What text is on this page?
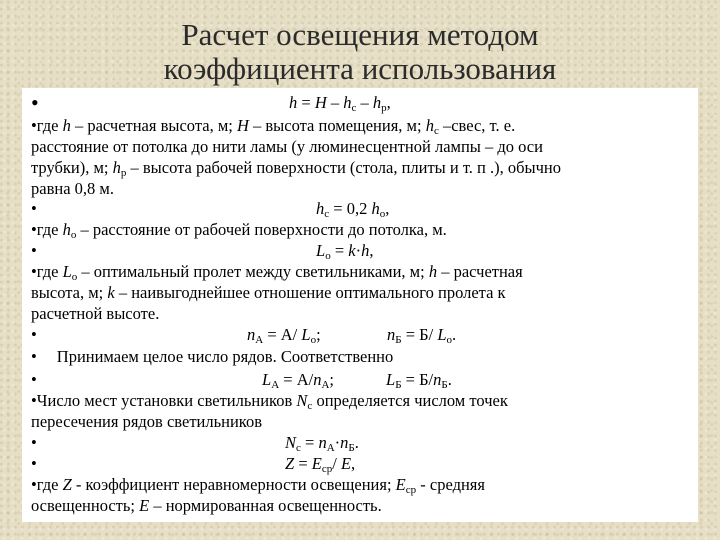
Расчет освещения методом
коэффициента использования
•	$h = H - h_с - h_р$,
•где h – расчетная высота, м; H – высота помещения, м; $h_с$ –свес, т. е.
расстояние от потолка до нити ламы (у люминесцентной лампы – до оси
трубки), м; $h_р$ – высота рабочей поверхности (стола, плиты и т. п .), обычно
равна 0,8 м.
•	$h_с = 0,2$ $h_о$,
•где $h_о$ – расстояние от рабочей поверхности до потолка, м.
•	$L_о = k\cdot h$,
•где $L_о$ – оптимальный пролет между светильниками, м; h – расчетная
высота, м; k – наивыгоднейшее отношение оптимального пролета к
расчетной высоте.
•	$n_А = А/$ $L_о$;	$n_Б = Б/$ $L_о$.
• Принимаем целое число рядов. Соответственно
•	$L_А = А/n_А$;	$L_Б = Б/n_Б$.
•Число мест установки светильников $N_с$ определяется числом точек
пересечения рядов светильников
•	$N_с = n_А\cdot n_Б$.
•	$Z = E_{ср}/$ E,
•где Z - коэффициент неравномерности освещения; $E_{ср}$ - средняя
освещенность; E – нормированная освещенность.
